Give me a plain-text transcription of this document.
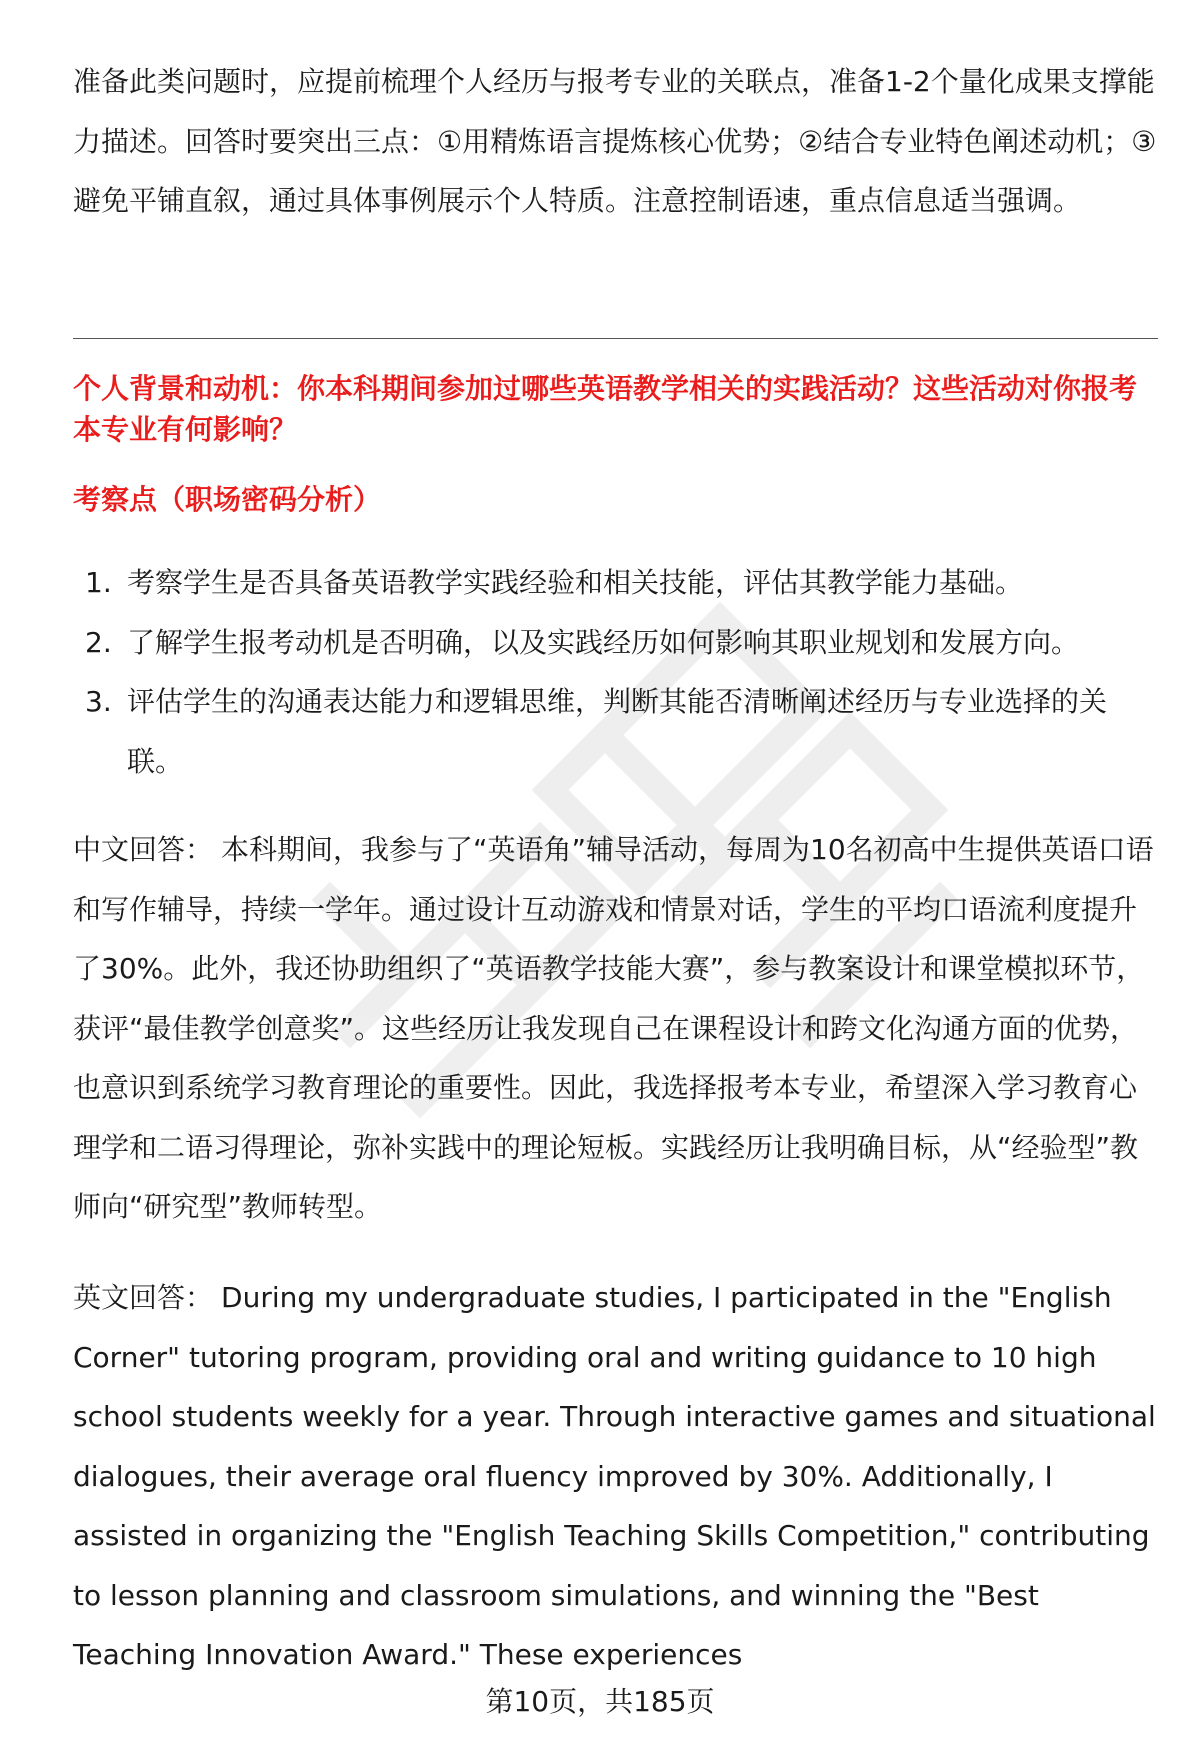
准备此类问题时，应提前梳理个人经历与报考专业的关联点，准备1-2个量化成果支撑能力描述。回答时要突出三点：①用精炼语言提炼核心优势；②结合专业特色阐述动机；③避免平铺直叙，通过具体事例展示个人特质。注意控制语速，重点信息适当强调。

个人背景和动机：你本科期间参加过哪些英语教学相关的实践活动？这些活动对你报考本专业有何影响？

考察点（职场密码分析）

1. 考察学生是否具备英语教学实践经验和相关技能，评估其教学能力基础。
2. 了解学生报考动机是否明确，以及实践经历如何影响其职业规划和发展方向。
3. 评估学生的沟通表达能力和逻辑思维，判断其能否清晰阐述经历与专业选择的关联。

中文回答： 本科期间，我参与了“英语角”辅导活动，每周为10名初高中生提供英语口语和写作辅导，持续一学年。通过设计互动游戏和情景对话，学生的平均口语流利度提升了30%。此外，我还协助组织了“英语教学技能大赛”，参与教案设计和课堂模拟环节，获评“最佳教学创意奖”。这些经历让我发现自己在课程设计和跨文化沟通方面的优势，也意识到系统学习教育理论的重要性。因此，我选择报考本专业，希望深入学习教育心理学和二语习得理论，弥补实践中的理论短板。实践经历让我明确目标，从“经验型”教师向“研究型”教师转型。

英文回答： During my undergraduate studies, I participated in the "English Corner" tutoring program, providing oral and writing guidance to 10 high school students weekly for a year. Through interactive games and situational dialogues, their average oral fluency improved by 30%. Additionally, I assisted in organizing the "English Teaching Skills Competition," contributing to lesson planning and classroom simulations, and winning the "Best Teaching Innovation Award." These experiences

第10页，共185页
